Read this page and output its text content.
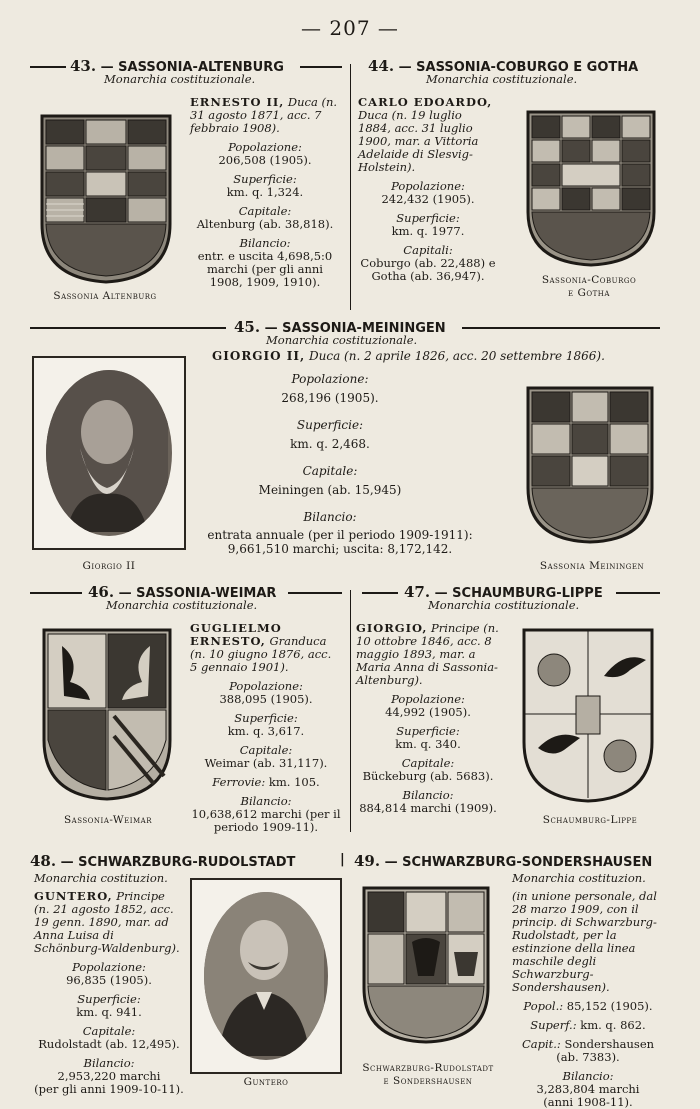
— 207 —
43. — SASSONIA-ALTENBURG
Monarchia costituzionale.
44. — SASSONIA-COBURGO E GOTHA
Monarchia costituzionale.
Sassonia Altenburg
ERNESTO II, Duca (n. 31 agosto 1871, acc. 7 febbraio 1908).
Popolazione:
206,508 (1905).
Superficie:
km. q. 1,324.
Capitale:
Altenburg (ab. 38,818).
Bilancio:
entr. e uscita 4,698,5:0 marchi (per gli anni 1908, 1909, 1910).
CARLO EDOARDO, Duca (n. 19 luglio 1884, acc. 31 luglio 1900, mar. a Vittoria Adelaide di Slesvig-Holstein).
Popolazione:
242,432 (1905).
Superficie:
km. q. 1977.
Capitali:
Coburgo (ab. 22,488) e Gotha (ab. 36,947).	Sassonia-Coburgo
e Gotha
45. — SASSONIA-MEININGEN
Monarchia costituzionale.
GIORGIO II, Duca (n. 2 aprile 1826, acc. 20 settembre 1866).
Popolazione:
268,196 (1905).
Superficie:
km. q. 2,468.
Capitale:
Meiningen (ab. 15,945)
Bilancio:
entrata annuale (per il periodo 1909-1911):
9,661,510 marchi; uscita: 8,172,142.
Giorgio II	Sassonia Meiningen
46. — SASSONIA-WEIMAR
Monarchia costituzionale.
47. — SCHAUMBURG-LIPPE
Monarchia costituzionale.
Sassonia-Weimar
GUGLIELMO ERNESTO, Granduca (n. 10 giugno 1876, acc. 5 gennaio 1901).
Popolazione:
388,095 (1905).
Superficie:
km. q. 3,617.
Capitale:
Weimar (ab. 31,117).
Ferrovie: km. 105.
Bilancio:
10,638,612 marchi (per il periodo 1909-11).
GIORGIO, Principe (n. 10 ottobre 1846, acc. 8 maggio 1893, mar. a Maria Anna di Sassonia-Altenburg).
Popolazione:
44,992 (1905).
Superficie:
km. q. 340.
Capitale:
Bückeburg (ab. 5683).
Bilancio:
884,814 marchi (1909).
Schaumburg-Lippe
48. — SCHWARZBURG-RUDOLSTADT	| 49. — SCHWARZBURG-SONDERSHAUSEN
Monarchia costituzion.
GUNTERO, Principe (n. 21 agosto 1852, acc. 19 genn. 1890, mar. ad Anna Luisa di Schönburg-Waldenburg).
Popolazione:
96,835 (1905).
Superficie:
km. q. 941.
Capitale:
Rudolstadt (ab. 12,495).
Bilancio:
2,953,220 marchi
(per gli anni 1909-10-11).	Guntero
Schwarzburg-Rudolstadt
e Sondershausen
Monarchia costituzion.
(in unione personale, dal 28 marzo 1909, con il princip. di Schwarzburg-Rudolstadt, per la estinzione della linea maschile degli Schwarzburg-Sondershausen).
Popol.: 85,152 (1905).
Superf.: km. q. 862.
Capit.: Sondershausen (ab. 7383).
Bilancio:
3,283,804 marchi
(anni 1908-11).
